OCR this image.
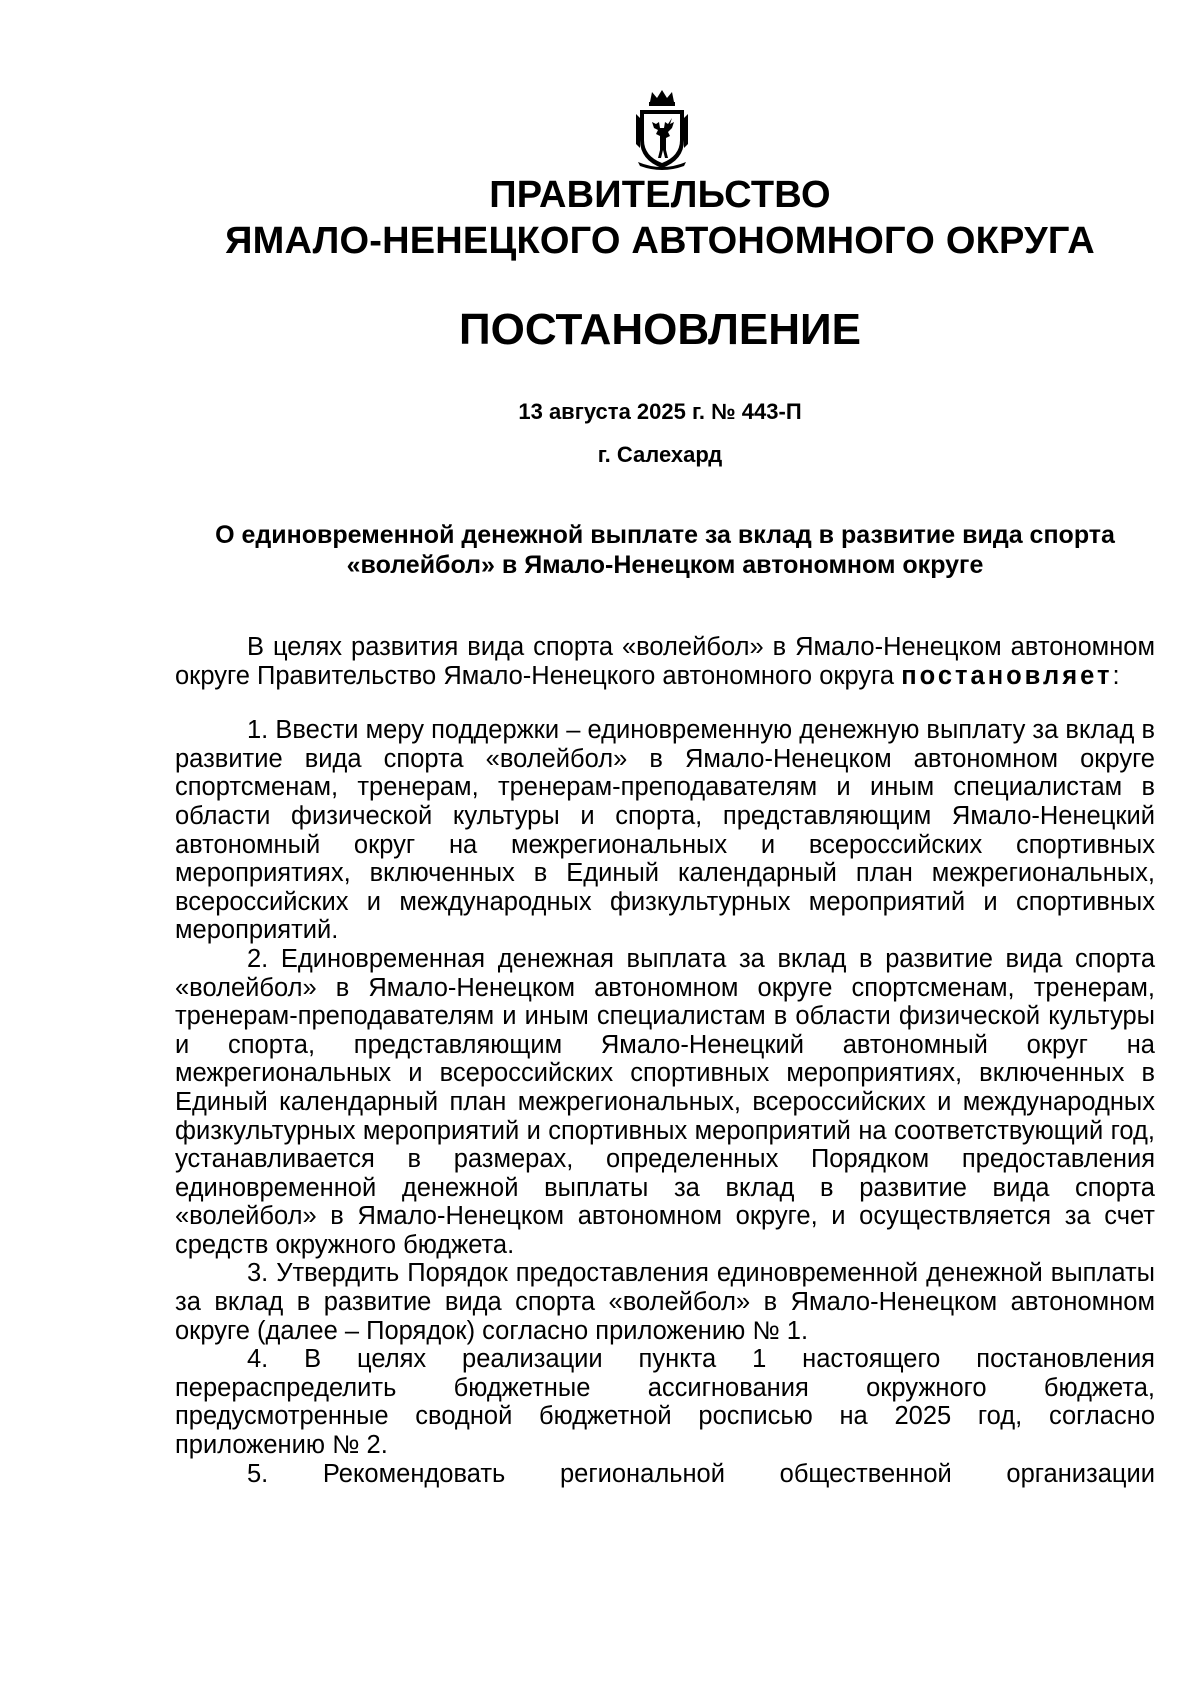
ПРАВИТЕЛЬСТВО
ЯМАЛО-НЕНЕЦКОГО АВТОНОМНОГО ОКРУГА
ПОСТАНОВЛЕНИЕ
13 августа 2025 г. № 443-П
г. Салехард
О единовременной денежной выплате за вклад в развитие вида спорта
«волейбол» в Ямало-Ненецком автономном округе

В целях развития вида спорта «волейбол» в Ямало-Ненецком автономном округе Правительство Ямало-Ненецкого автономного округа постановляет:

1. Ввести меру поддержки – единовременную денежную выплату за вклад в развитие вида спорта «волейбол» в Ямало-Ненецком автономном округе спортсменам, тренерам, тренерам-преподавателям и иным специалистам в области физической культуры и спорта, представляющим Ямало-Ненецкий автономный округ на межрегиональных и всероссийских спортивных мероприятиях, включенных в Единый календарный план межрегиональных, всероссийских и международных физкультурных мероприятий и спортивных мероприятий.

2. Единовременная денежная выплата за вклад в развитие вида спорта «волейбол» в Ямало-Ненецком автономном округе спортсменам, тренерам, тренерам-преподавателям и иным специалистам в области физической культуры и спорта, представляющим Ямало-Ненецкий автономный округ на межрегиональных и всероссийских спортивных мероприятиях, включенных в Единый календарный план межрегиональных, всероссийских и международных физкультурных мероприятий и спортивных мероприятий на соответствующий год, устанавливается в размерах, определенных Порядком предоставления единовременной денежной выплаты за вклад в развитие вида спорта «волейбол» в Ямало-Ненецком автономном округе, и осуществляется за счет средств окружного бюджета.

3. Утвердить Порядок предоставления единовременной денежной выплаты за вклад в развитие вида спорта «волейбол» в Ямало-Ненецком автономном округе (далее – Порядок) согласно приложению № 1.

4. В целях реализации пункта 1 настоящего постановления перераспределить бюджетные ассигнования окружного бюджета, предусмотренные сводной бюджетной росписью на 2025 год, согласно приложению № 2.

5. Рекомендовать региональной общественной организации
